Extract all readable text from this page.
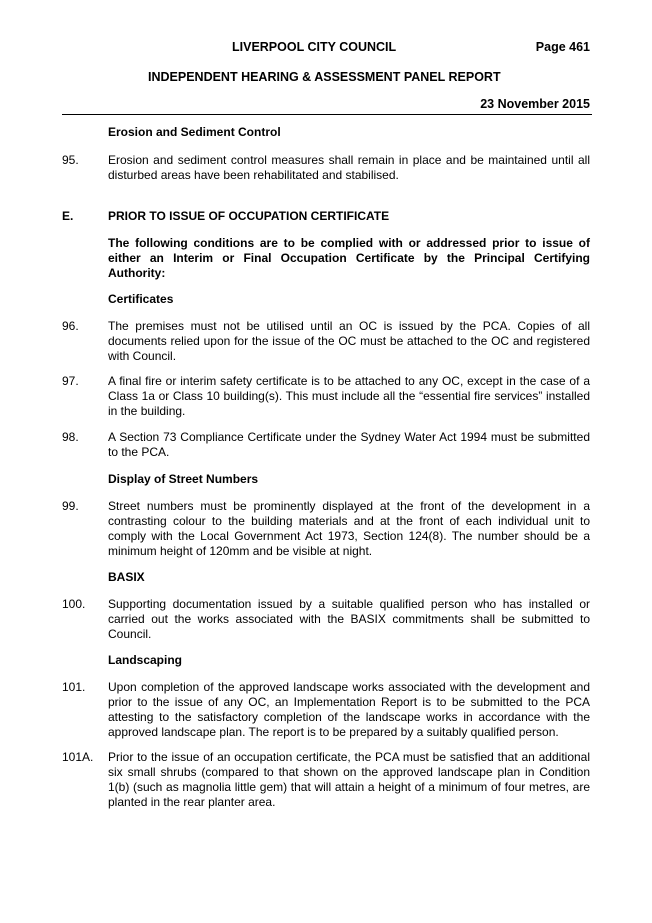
LIVERPOOL CITY COUNCIL	Page 461
INDEPENDENT HEARING & ASSESSMENT PANEL REPORT
23 November 2015
Erosion and Sediment Control
95. Erosion and sediment control measures shall remain in place and be maintained until all disturbed areas have been rehabilitated and stabilised.
E.	PRIOR TO ISSUE OF OCCUPATION CERTIFICATE
The following conditions are to be complied with or addressed prior to issue of either an Interim or Final Occupation Certificate by the Principal Certifying Authority:
Certificates
96. The premises must not be utilised until an OC is issued by the PCA. Copies of all documents relied upon for the issue of the OC must be attached to the OC and registered with Council.
97. A final fire or interim safety certificate is to be attached to any OC, except in the case of a Class 1a or Class 10 building(s). This must include all the “essential fire services” installed in the building.
98. A Section 73 Compliance Certificate under the Sydney Water Act 1994 must be submitted to the PCA.
Display of Street Numbers
99. Street numbers must be prominently displayed at the front of the development in a contrasting colour to the building materials and at the front of each individual unit to comply with the Local Government Act 1973, Section 124(8). The number should be a minimum height of 120mm and be visible at night.
BASIX
100. Supporting documentation issued by a suitable qualified person who has installed or carried out the works associated with the BASIX commitments shall be submitted to Council.
Landscaping
101. Upon completion of the approved landscape works associated with the development and prior to the issue of any OC, an Implementation Report is to be submitted to the PCA attesting to the satisfactory completion of the landscape works in accordance with the approved landscape plan. The report is to be prepared by a suitably qualified person.
101A. Prior to the issue of an occupation certificate, the PCA must be satisfied that an additional six small shrubs (compared to that shown on the approved landscape plan in Condition 1(b) (such as magnolia little gem) that will attain a height of a minimum of four metres, are planted in the rear planter area.
